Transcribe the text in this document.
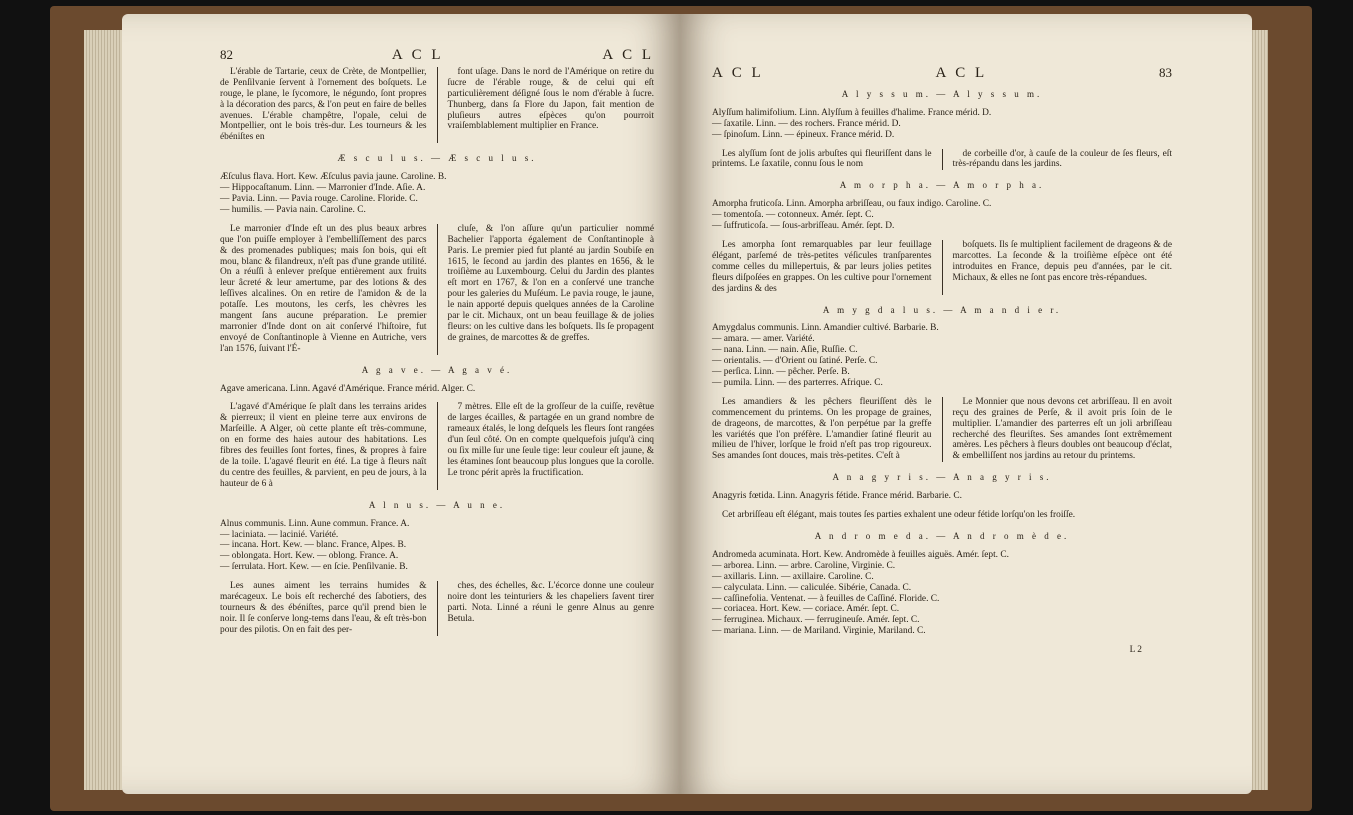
82	A C L	A C L

L'érable de Tartarie, ceux de Crète, de Montpellier, de Penſilvanie ſervent à l'ornement des boſquets. Le rouge, le plane, le ſycomore, le négundo, ſont propres à la décoration des parcs, & l'on peut en faire de belles avenues. L'érable champêtre, l'opale, celui de Montpellier, ont le bois très-dur. Les tourneurs & les ébéniſtes en

font uſage. Dans le nord de l'Amérique on retire du ſucre de l'érable rouge, & de celui qui eſt particulièrement déſigné ſous le nom d'érable à ſucre. Thunberg, dans ſa Flore du Japon, fait mention de pluſieurs autres eſpèces qu'on pourroit vraiſemblablement multiplier en France.

Æ s c u l u s. — Æ s c u l u s.
Æſculus flava. Hort. Kew. Æſculus pavia jaune. Caroline. B.
— Hippocaſtanum. Linn. — Marronier d'Inde. Aſie. A.
— Pavia. Linn. — Pavia rouge. Caroline. Floride. C.
— humilis. — Pavia nain. Caroline. C.

Le marronier d'Inde eſt un des plus beaux arbres que l'on puiſſe employer à l'embelliſſement des parcs & des promenades publiques; mais ſon bois, qui eſt mou, blanc & filandreux, n'eſt pas d'une grande utilité. On a réuſſi à enlever preſque entièrement aux fruits leur âcreté & leur amertume, par des lotions & des leſſives alcalines. On en retire de l'amidon & de la potaſſe. Les moutons, les cerfs, les chèvres les mangent ſans aucune préparation. Le premier marronier d'Inde dont on ait conſervé l'hiſtoire, fut envoyé de Conſtantinople à Vienne en Autriche, vers l'an 1576, ſuivant l'É-

cluſe, & l'on aſſure qu'un particulier nommé Bachelier l'apporta également de Conſtantinople à Paris. Le premier pied fut planté au jardin Soubiſe en 1615, le ſecond au jardin des plantes en 1656, & le troiſième au Luxembourg. Celui du Jardin des plantes eſt mort en 1767, & l'on en a conſervé une tranche pour les galeries du Muſéum. Le pavia rouge, le jaune, le nain apporté depuis quelques années de la Caroline par le cit. Michaux, ont un beau feuillage & de jolies fleurs: on les cultive dans les boſquets. Ils ſe propagent de graines, de marcottes & de greffes.

A g a v e. — A g a v é.
Agave americana. Linn. Agavé d'Amérique. France mérid. Alger. C.

L'agavé d'Amérique ſe plaît dans les terrains arides & pierreux; il vient en pleine terre aux environs de Marſeille. A Alger, où cette plante eſt très-commune, on en forme des haies autour des habitations. Les fibres des feuilles ſont fortes, fines, & propres à faire de la toile. L'agavé fleurit en été. La tige à fleurs naît du centre des feuilles, & parvient, en peu de jours, à la hauteur de 6 à

7 mètres. Elle eſt de la groſſeur de la cuiſſe, revêtue de larges écailles, & partagée en un grand nombre de rameaux étalés, le long deſquels les fleurs ſont rangées d'un ſeul côté. On en compte quelquefois juſqu'à cinq ou ſix mille ſur une ſeule tige: leur couleur eſt jaune, & les étamines ſont beaucoup plus longues que la corolle. Le tronc périt après la fructification.

A l n u s. — A u n e.
Alnus communis. Linn. Aune commun. France. A.
— laciniata. — lacinié. Variété.
— incana. Hort. Kew. — blanc. France, Alpes. B.
— oblongata. Hort. Kew. — oblong. France. A.
— ſerrulata. Hort. Kew. — en ſcie. Penſilvanie. B.

Les aunes aiment les terrains humides & marécageux. Le bois eſt recherché des ſabotiers, des tourneurs & des ébéniſtes, parce qu'il prend bien le noir. Il ſe conſerve long-tems dans l'eau, & eſt très-bon pour des pilotis. On en fait des per-

ches, des échelles, &c. L'écorce donne une couleur noire dont les teinturiers & les chapeliers ſavent tirer parti. Nota. Linné a réuni le genre Alnus au genre Betula.

A C L	A C L	83
A l y s s u m. — A l y s s u m.
Alyſſum halimifolium. Linn. Alyſſum à feuilles d'halime. France mérid. D.
— ſaxatile. Linn. — des rochers. France mérid. D.
— ſpinoſum. Linn. — épineux. France mérid. D.

Les alyſſum ſont de jolis arbuſtes qui fleuriſſent dans le printems. Le ſaxatile, connu ſous le nom

de corbeille d'or, à cauſe de la couleur de ſes fleurs, eſt très-répandu dans les jardins.

A m o r p h a. — A m o r p h a.
Amorpha fruticoſa. Linn. Amorpha arbriſſeau, ou faux indigo. Caroline. C.
— tomentoſa. — cotonneux. Amér. ſept. C.
— ſuffruticoſa. — ſous-arbriſſeau. Amér. ſept. D.

Les amorpha ſont remarquables par leur feuillage élégant, parſemé de très-petites véſicules tranſparentes comme celles du millepertuis, & par leurs jolies petites fleurs diſpoſées en grappes. On les cultive pour l'ornement des jardins & des

boſquets. Ils ſe multiplient facilement de drageons & de marcottes. La ſeconde & la troiſième eſpèce ont été introduites en France, depuis peu d'années, par le cit. Michaux, & elles ne ſont pas encore très-répandues.

A m y g d a l u s. — A m a n d i e r.
Amygdalus communis. Linn. Amandier cultivé. Barbarie. B.
— amara. — amer. Variété.
— nana. Linn. — nain. Aſie, Ruſſie. C.
— orientalis. — d'Orient ou ſatiné. Perſe. C.
— perſica. Linn. — pêcher. Perſe. B.
— pumila. Linn. — des parterres. Afrique. C.

Les amandiers & les pêchers fleuriſſent dès le commencement du printems. On les propage de graines, de drageons, de marcottes, & l'on perpétue par la greffe les variétés que l'on préfère. L'amandier ſatiné fleurit au milieu de l'hiver, lorſque le froid n'eſt pas trop rigoureux. Ses amandes ſont douces, mais très-petites. C'eſt à

Le Monnier que nous devons cet arbriſſeau. Il en avoit reçu des graines de Perſe, & il avoit pris ſoin de le multiplier. L'amandier des parterres eſt un joli arbriſſeau recherché des fleuriſtes. Ses amandes ſont extrêmement amères. Les pêchers à fleurs doubles ont beaucoup d'éclat, & embelliſſent nos jardins au retour du printems.

A n a g y r i s. — A n a g y r i s.
Anagyris fœtida. Linn. Anagyris fétide. France mérid. Barbarie. C.

Cet arbriſſeau eſt élégant, mais toutes ſes parties exhalent une odeur fétide lorſqu'on les froiſſe.

A n d r o m e d a. — A n d r o m è d e.
Andromeda acuminata. Hort. Kew. Andromède à feuilles aiguës. Amér. ſept. C.
— arborea. Linn. — arbre. Caroline, Virginie. C.
— axillaris. Linn. — axillaire. Caroline. C.
— calyculata. Linn. — caliculée. Sibérie, Canada. C.
— caſſinefolia. Ventenat. — à feuilles de Caſſiné. Floride. C.
— coriacea. Hort. Kew. — coriace. Amér. ſept. C.
— ferruginea. Michaux. — ferrugineuſe. Amér. ſept. C.
— mariana. Linn. — de Mariland. Virginie, Mariland. C.
L 2
